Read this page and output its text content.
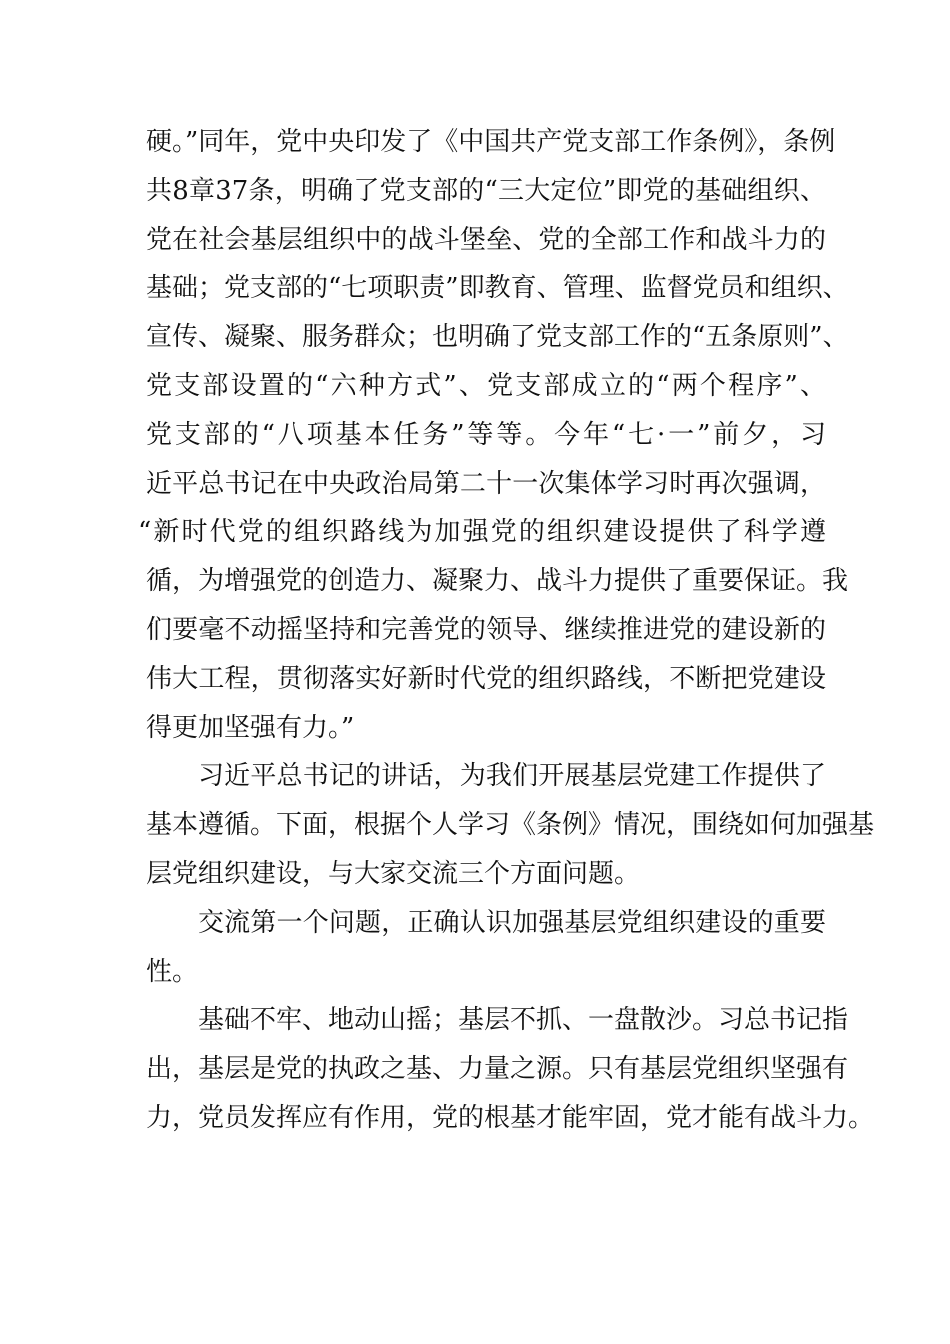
硬。”同年，党中央印发了《中国共产党支部工作条例》，条例
共8章37条，明确了党支部的“三大定位”即党的基础组织、
党在社会基层组织中的战斗堡垒、党的全部工作和战斗力的
基础；党支部的“七项职责”即教育、管理、监督党员和组织、
宣传、凝聚、服务群众；也明确了党支部工作的“五条原则”、
党支部设置的“六种方式”、党支部成立的“两个程序”、
党支部的“八项基本任务”等等。今年“七·一”前夕，习
近平总书记在中央政治局第二十一次集体学习时再次强调，
“新时代党的组织路线为加强党的组织建设提供了科学遵
循，为增强党的创造力、凝聚力、战斗力提供了重要保证。我
们要毫不动摇坚持和完善党的领导、继续推进党的建设新的
伟大工程，贯彻落实好新时代党的组织路线，不断把党建设
得更加坚强有力。”
习近平总书记的讲话，为我们开展基层党建工作提供了
基本遵循。下面，根据个人学习《条例》情况，围绕如何加强基
层党组织建设，与大家交流三个方面问题。
交流第一个问题，正确认识加强基层党组织建设的重要
性。
基础不牢、地动山摇；基层不抓、一盘散沙。习总书记指
出，基层是党的执政之基、力量之源。只有基层党组织坚强有
力，党员发挥应有作用，党的根基才能牢固，党才能有战斗力。
